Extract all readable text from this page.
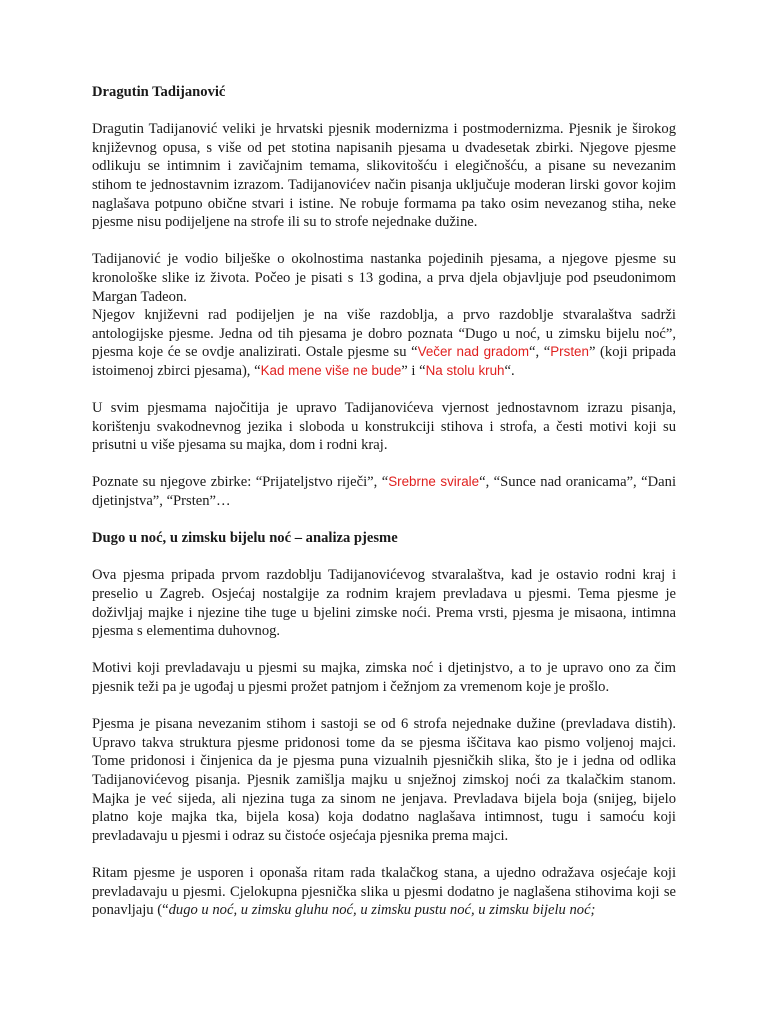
Dragutin Tadijanović

Dragutin Tadijanović veliki je hrvatski pjesnik modernizma i postmodernizma. Pjesnik je širokog književnog opusa, s više od pet stotina napisanih pjesama u dvadesetak zbirki. Njegove pjesme odlikuju se intimnim i zavičajnim temama, slikovitošću i elegičnošću, a pisane su nevezanim stihom te jednostavnim izrazom. Tadijanovićev način pisanja uključuje moderan lirski govor kojim naglašava potpuno obične stvari i istine. Ne robuje formama pa tako osim nevezanog stiha, neke pjesme nisu podijeljene na strofe ili su to strofe nejednake dužine.

Tadijanović je vodio bilješke o okolnostima nastanka pojedinih pjesama, a njegove pjesme su kronološke slike iz života. Počeo je pisati s 13 godina, a prva djela objavljuje pod pseudonimom Margan Tadeon.

Njegov književni rad podijeljen je na više razdoblja, a prvo razdoblje stvaralaštva sadrži antologijske pjesme. Jedna od tih pjesama je dobro poznata “Dugo u noć, u zimsku bijelu noć”, pjesma koje će se ovdje analizirati. Ostale pjesme su “Večer nad gradom“, “Prsten” (koji pripada istoimenoj zbirci pjesama), “Kad mene više ne bude” i “Na stolu kruh“.

U svim pjesmama najočitija je upravo Tadijanovićeva vjernost jednostavnom izrazu pisanja, korištenju svakodnevnog jezika i sloboda u konstrukciji stihova i strofa, a česti motivi koji su prisutni u više pjesama su majka, dom i rodni kraj.

Poznate su njegove zbirke: “Prijateljstvo riječi”, “Srebrne svirale“, “Sunce nad oranicama”, “Dani djetinjstva”, “Prsten”…

Dugo u noć, u zimsku bijelu noć – analiza pjesme

Ova pjesma pripada prvom razdoblju Tadijanovićevog stvaralaštva, kad je ostavio rodni kraj i preselio u Zagreb. Osjećaj nostalgije za rodnim krajem prevladava u pjesmi. Tema pjesme je doživljaj majke i njezine tihe tuge u bjelini zimske noći. Prema vrsti, pjesma je misaona, intimna pjesma s elementima duhovnog.

Motivi koji prevladavaju u pjesmi su majka, zimska noć i djetinjstvo, a to je upravo ono za čim pjesnik teži pa je ugođaj u pjesmi prožet patnjom i čežnjom za vremenom koje je prošlo.

Pjesma je pisana nevezanim stihom i sastoji se od 6 strofa nejednake dužine (prevladava distih). Upravo takva struktura pjesme pridonosi tome da se pjesma iščitava kao pismo voljenoj majci. Tome pridonosi i činjenica da je pjesma puna vizualnih pjesničkih slika, što je i jedna od odlika Tadijanovićevog pisanja. Pjesnik zamišlja majku u snježnoj zimskoj noći za tkalačkim stanom. Majka je već sijeda, ali njezina tuga za sinom ne jenjava. Prevladava bijela boja (snijeg, bijelo platno koje majka tka, bijela kosa) koja dodatno naglašava intimnost, tugu i samoću koji prevladavaju u pjesmi i odraz su čistoće osjećaja pjesnika prema majci.

Ritam pjesme je usporen i oponaša ritam rada tkalačkog stana, a ujedno odražava osjećaje koji prevladavaju u pjesmi. Cjelokupna pjesnička slika u pjesmi dodatno je naglašena stihovima koji se ponavljaju (“dugo u noć, u zimsku gluhu noć, u zimsku pustu noć, u zimsku bijelu noć;
